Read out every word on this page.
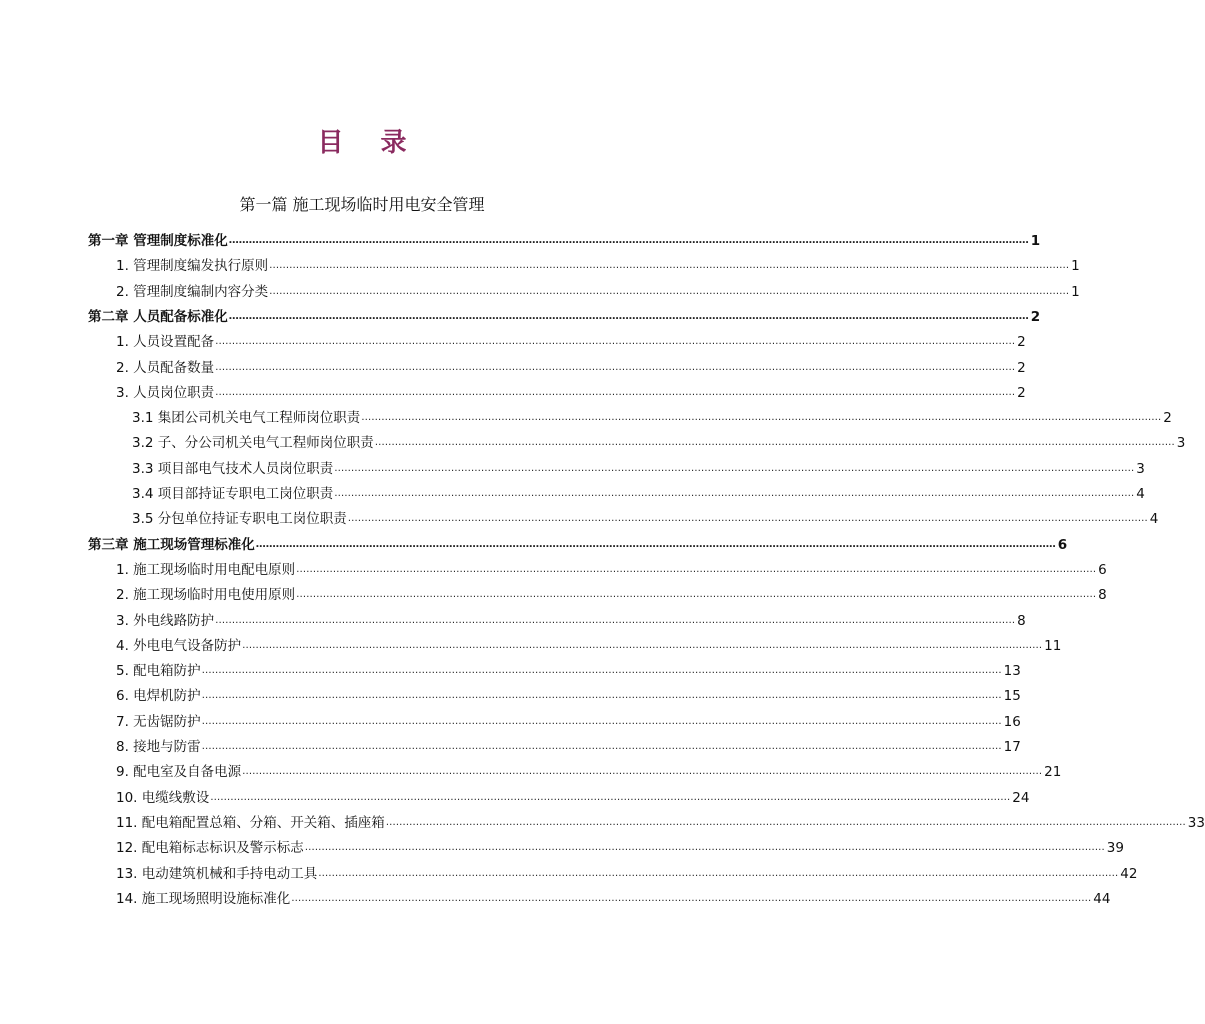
目 录
第一篇 施工现场临时用电安全管理
第一章 管理制度标准化 …………………………………………………………………………………………………………………………………………………………………………………………………………………… 1
1. 管理制度编发执行原则 …………………………………………………………………………………………………………………………………………………………………………………………………………………… 1
2. 管理制度编制内容分类 …………………………………………………………………………………………………………………………………………………………………………………………………………………… 1
第二章 人员配备标准化 …………………………………………………………………………………………………………………………………………………………………………………………………………………… 2
1. 人员设置配备 …………………………………………………………………………………………………………………………………………………………………………………………………………………… 2
2. 人员配备数量 …………………………………………………………………………………………………………………………………………………………………………………………………………………… 2
3. 人员岗位职责 …………………………………………………………………………………………………………………………………………………………………………………………………………………… 2
3.1 集团公司机关电气工程师岗位职责 …………………………………………………………………………………………………………………………………………………………………………………………………………………… 2
3.2 子、分公司机关电气工程师岗位职责 …………………………………………………………………………………………………………………………………………………………………………………………………………………… 3
3.3 项目部电气技术人员岗位职责 …………………………………………………………………………………………………………………………………………………………………………………………………………………… 3
3.4 项目部持证专职电工岗位职责 …………………………………………………………………………………………………………………………………………………………………………………………………………………… 4
3.5 分包单位持证专职电工岗位职责 …………………………………………………………………………………………………………………………………………………………………………………………………………………… 4
第三章 施工现场管理标准化 …………………………………………………………………………………………………………………………………………………………………………………………………………………… 6
1. 施工现场临时用电配电原则 …………………………………………………………………………………………………………………………………………………………………………………………………………………… 6
2. 施工现场临时用电使用原则 …………………………………………………………………………………………………………………………………………………………………………………………………………………… 8
3. 外电线路防护 …………………………………………………………………………………………………………………………………………………………………………………………………………………… 8
4. 外电电气设备防护 …………………………………………………………………………………………………………………………………………………………………………………………………………………… 11
5. 配电箱防护 …………………………………………………………………………………………………………………………………………………………………………………………………………………… 13
6. 电焊机防护 …………………………………………………………………………………………………………………………………………………………………………………………………………………… 15
7. 无齿锯防护 …………………………………………………………………………………………………………………………………………………………………………………………………………………… 16
8. 接地与防雷 …………………………………………………………………………………………………………………………………………………………………………………………………………………… 17
9. 配电室及自备电源 …………………………………………………………………………………………………………………………………………………………………………………………………………………… 21
10. 电缆线敷设 …………………………………………………………………………………………………………………………………………………………………………………………………………………… 24
11. 配电箱配置总箱、分箱、开关箱、插座箱 …………………………………………………………………………………………………………………………………………………………………………………………………………………… 33
12. 配电箱标志标识及警示标志 …………………………………………………………………………………………………………………………………………………………………………………………………………………… 39
13. 电动建筑机械和手持电动工具 …………………………………………………………………………………………………………………………………………………………………………………………………………………… 42
14. 施工现场照明设施标准化 …………………………………………………………………………………………………………………………………………………………………………………………………………………… 44
